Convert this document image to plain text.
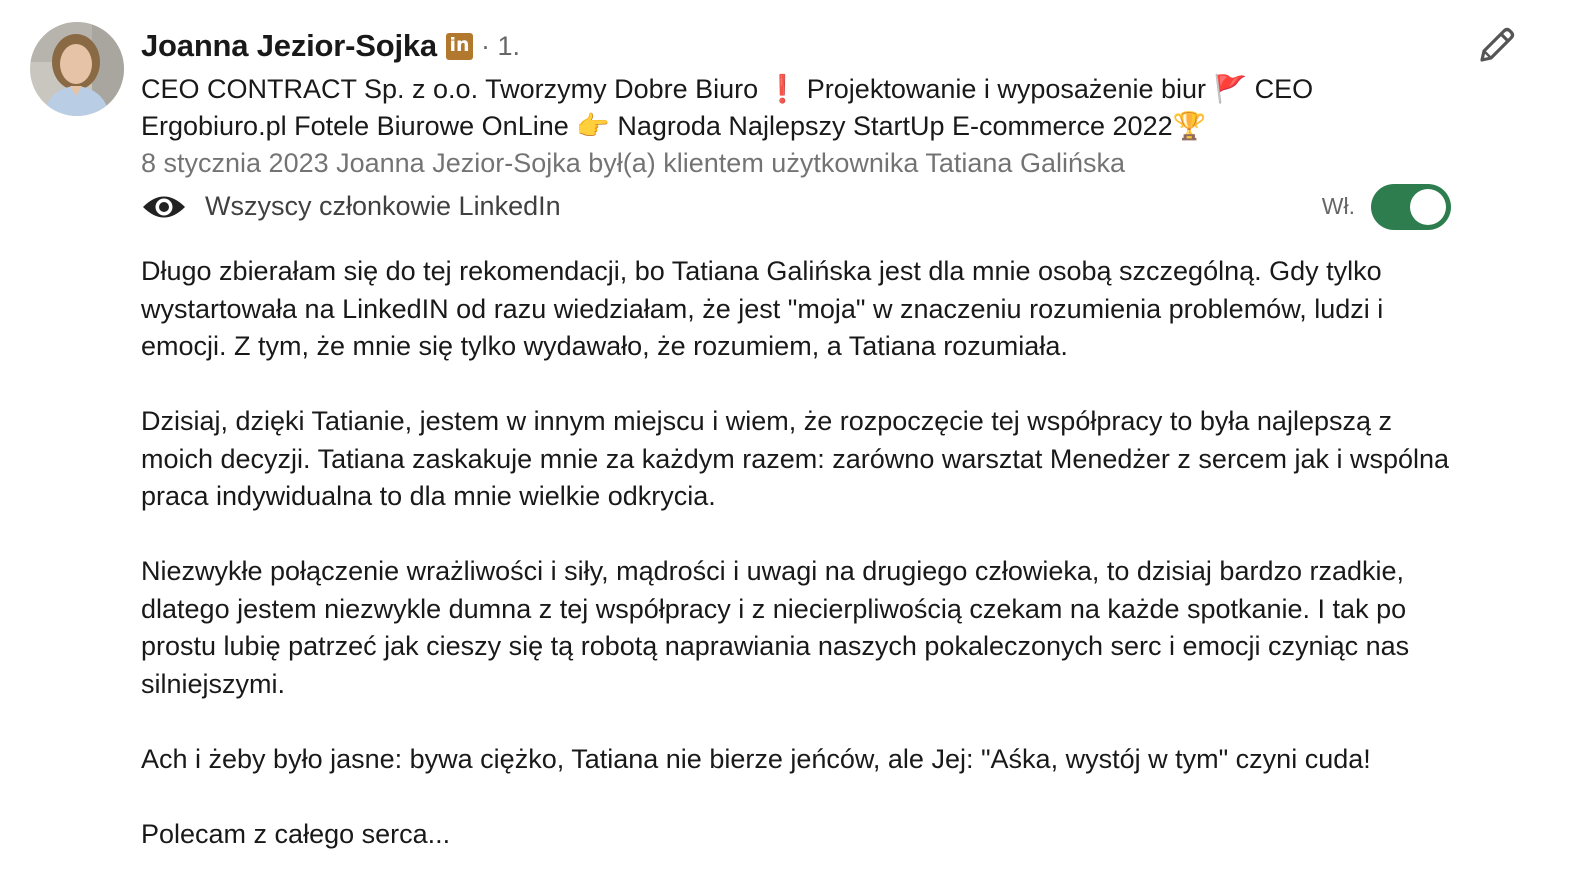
Joanna Jezior-Sojka in · 1.
CEO CONTRACT Sp. z o.o. Tworzymy Dobre Biuro ❗ Projektowanie i wyposażenie biur 🚩 CEO Ergobiuro.pl Fotele Biurowe OnLine 👉 Nagroda Najlepszy StartUp E-commerce 2022🏆
8 stycznia 2023 Joanna Jezior-Sojka był(a) klientem użytkownika Tatiana Galińska
Wszyscy członkowie LinkedIn	Wł.

Długo zbierałam się do tej rekomendacji, bo Tatiana Galińska jest dla mnie osobą szczególną. Gdy tylko wystartowała na LinkedIN od razu wiedziałam, że jest "moja" w znaczeniu rozumienia problemów, ludzi i emocji. Z tym, że mnie się tylko wydawało, że rozumiem, a Tatiana rozumiała.

Dzisiaj, dzięki Tatianie, jestem w innym miejscu i wiem, że rozpoczęcie tej współpracy to była najlepszą z moich decyzji. Tatiana zaskakuje mnie za każdym razem: zarówno warsztat Menedżer z sercem jak i wspólna praca indywidualna to dla mnie wielkie odkrycia.

Niezwykłe połączenie wrażliwości i siły, mądrości i uwagi na drugiego człowieka, to dzisiaj bardzo rzadkie, dlatego jestem niezwykle dumna z tej współpracy i z niecierpliwością czekam na każde spotkanie. I tak po prostu lubię patrzeć jak cieszy się tą robotą naprawiania naszych pokaleczonych serc i emocji czyniąc nas silniejszymi.

Ach i żeby było jasne: bywa ciężko, Tatiana nie bierze jeńców, ale Jej: "Aśka, wystój w tym" czyni cuda!

Polecam z całego serca...
